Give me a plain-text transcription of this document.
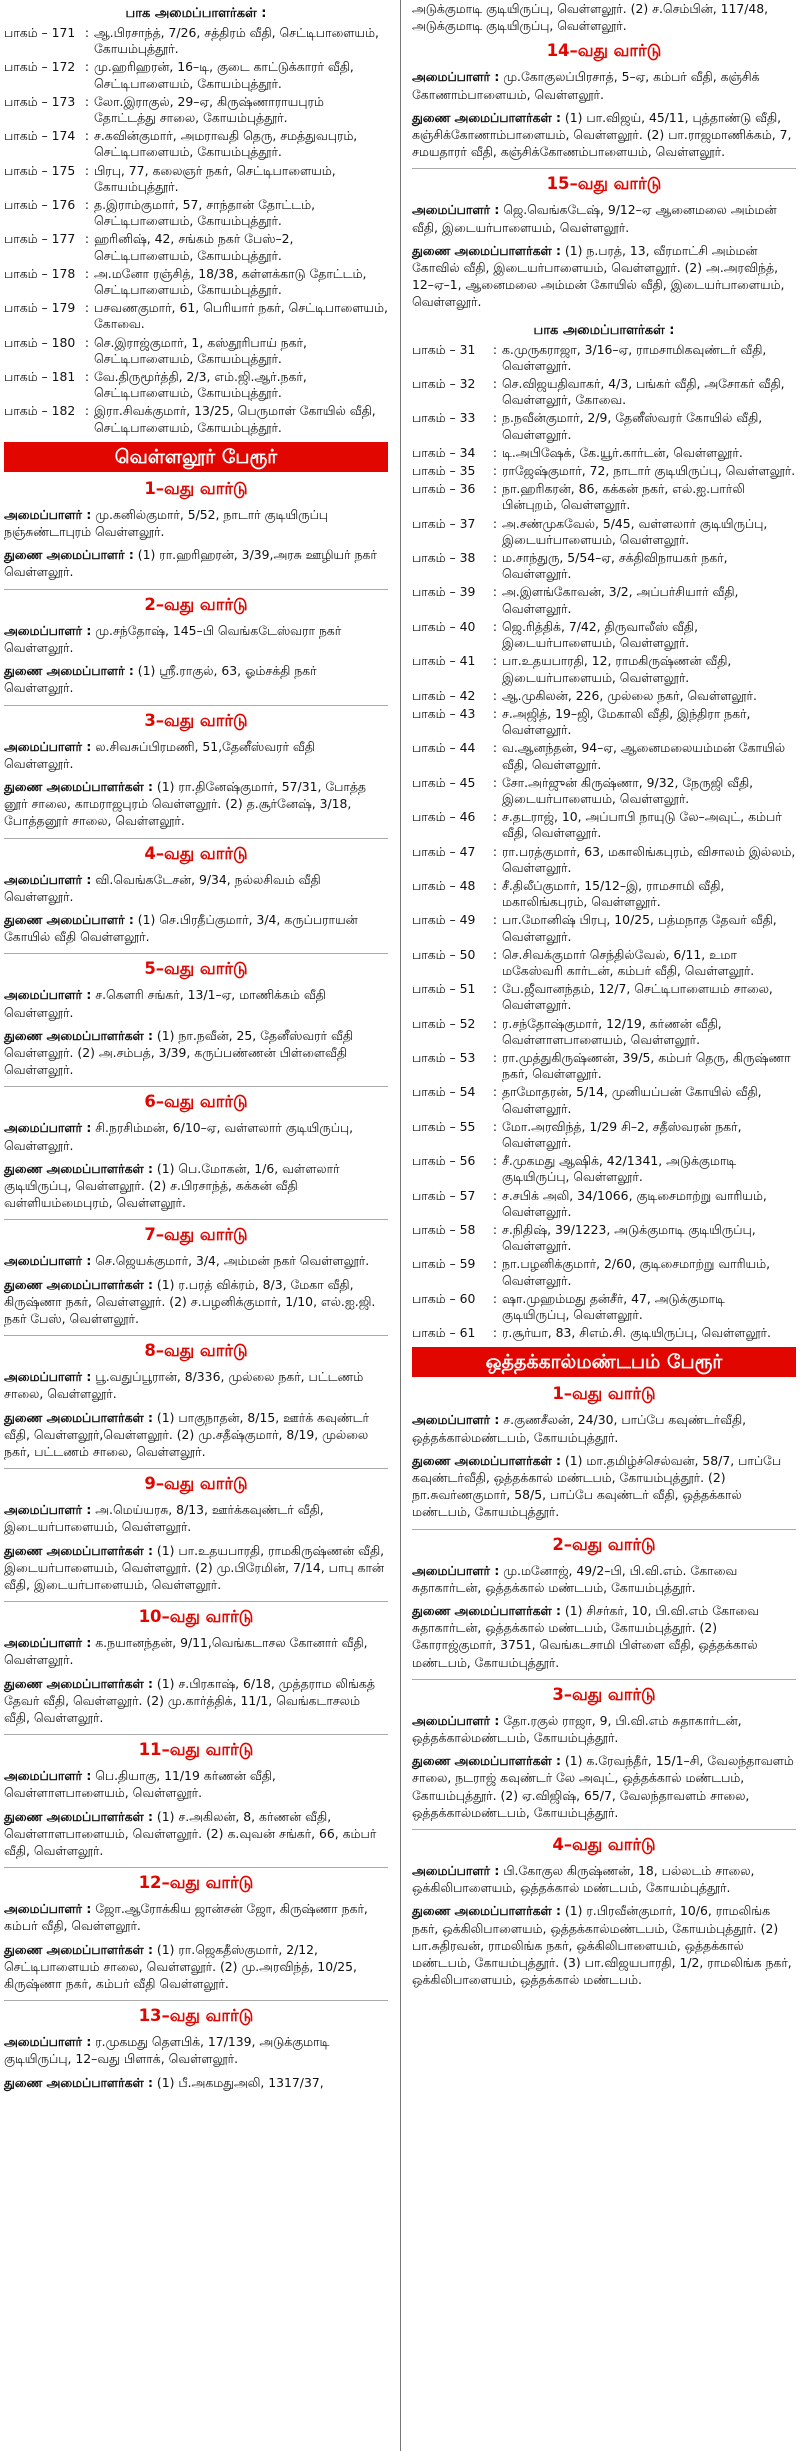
பாக அமைப்பாளர்கள் :
பாகம் – 171 : ஆ.பிரசாந்த், 7/26, சத்திரம் வீதி, செட்டிபாளையம், கோயம்புத்தூர்.
பாகம் – 172 : மு.ஹரிஹரன், 16–டி, குடை காட்டுக்காரர் வீதி, செட்டிபாளையம், கோயம்புத்தூர்.
பாகம் – 173 : லோ.இராகுல், 29–ஏ, கிருஷ்ணாராயபுரம் தோட்டத்து சாலை, கோயம்புத்தூர்.
பாகம் – 174 : ச.கவின்குமார், அமராவதி தெரு, சமத்துவபுரம், செட்டிபாளையம், கோயம்புத்தூர்.
பாகம் – 175 : பிரபு, 77, கலைஞர் நகர், செட்டிபாளையம், கோயம்புத்தூர்.
பாகம் – 176 : த.இராம்குமார், 57, சாந்தான் தோட்டம், செட்டிபாளையம், கோயம்புத்தூர்.
பாகம் – 177 : ஹரினிஷ், 42, சங்கம் நகர் பேஸ்–2, செட்டிபாளையம், கோயம்புத்தூர்.
பாகம் – 178 : அ.மனோ ரஞ்சித், 18/38, கள்ளக்காடு தோட்டம், செட்டிபாளையம், கோயம்புத்தூர்.
பாகம் – 179 : பசவணகுமார், 61, பெரியார் நகர், செட்டிபாளையம், கோவை.
பாகம் – 180 : செ.இராஜ்குமார், 1, கஸ்தூரிபாய் நகர், செட்டிபாளையம், கோயம்புத்தூர்.
பாகம் – 181 : வே.திருமூர்த்தி, 2/3, எம்.ஜி.ஆர்.நகர், செட்டிபாளையம், கோயம்புத்தூர்.
பாகம் – 182 : இரா.சிவக்குமார், 13/25, பெருமாள் கோயில் வீதி, செட்டிபாளையம், கோயம்புத்தூர்.
வெள்ளலூர் பேரூர்
1–வது வார்டு
அமைப்பாளர் : மு.கனில்குமார், 5/52, நாடார் குடியிருப்பு நஞ்சுண்டாபுரம் வெள்ளலூர்.
துணை அமைப்பாளர் : (1) ரா.ஹரிஹரன், 3/39,அரசு ஊழியர் நகர் வெள்ளலூர்.
2–வது வார்டு
அமைப்பாளர் : மு.சந்தோஷ், 145–பி வெங்கடேஸ்வரா நகர் வெள்ளலூர்.
துணை அமைப்பாளர் : (1) ஸ்ரீ.ராகுல், 63, ஓம்சக்தி நகர் வெள்ளலூர்.
3–வது வார்டு
அமைப்பாளர் : ல.சிவசுப்பிரமணி, 51,தேனீஸ்வரர் வீதி வெள்ளலூர்.
துணை அமைப்பாளர்கள் : (1) ரா.தினேஷ்குமார், 57/31, போத்த னூர் சாலை, காமராஜபுரம் வெள்ளலூர். (2) த.சூர்னேஷ், 3/18, போத்தனூர் சாலை, வெள்ளலூர்.
4–வது வார்டு
அமைப்பாளர் : வி.வெங்கடேசன், 9/34, நல்லசிவம் வீதி வெள்ளலூர்.
துணை அமைப்பாளர் : (1) செ.பிரதீப்குமார், 3/4, கருப்பராயன் கோயில் வீதி வெள்ளலூர்.
5–வது வார்டு
அமைப்பாளர் : ச.கௌரி சங்கர், 13/1–ஏ, மாணிக்கம் வீதி வெள்ளலூர்.
துணை அமைப்பாளர்கள் : (1) நா.நவீன், 25, தேனீஸ்வரர் வீதி வெள்ளலூர். (2) அ.சம்பத், 3/39, கருப்பண்ணன் பிள்ளைவீதி வெள்ளலூர்.
6–வது வார்டு
அமைப்பாளர் : சி.நரசிம்மன், 6/10–ஏ, வள்ளலார் குடியிருப்பு, வெள்ளலூர்.
துணை அமைப்பாளர்கள் : (1) பெ.மோகன், 1/6, வள்ளலார் குடியிருப்பு, வெள்ளலூர். (2) ச.பிரசாந்த், கக்கன் வீதி வள்ளியம்மைபுரம், வெள்ளலூர்.
7–வது வார்டு
அமைப்பாளர் : செ.ஜெயக்குமார், 3/4, அம்மன் நகர் வெள்ளலூர்.
துணை அமைப்பாளர்கள் : (1) ர.பரத் விக்ரம், 8/3, மேகா வீதி, கிருஷ்ணா நகர், வெள்ளலூர். (2) ச.பழனிக்குமார், 1/10, எல்.ஐ.ஜி. நகர் பேஸ், வெள்ளலூர்.
8–வது வார்டு
அமைப்பாளர் : பூ.வதுப்பூரான், 8/336, முல்லை நகர், பட்டணம் சாலை, வெள்ளலூர்.
துணை அமைப்பாளர்கள் : (1) பாகுநாதன், 8/15, ஊர்க் கவுண்டர் வீதி, வெள்ளலூர்,வெள்ளலூர். (2) மு.சதீஷ்குமார், 8/19, முல்லை நகர், பட்டணம் சாலை, வெள்ளலூர்.
9–வது வார்டு
அமைப்பாளர் : அ.மெய்யரசு, 8/13, ஊர்க்கவுண்டர் வீதி, இடையர்பாளையம், வெள்ளலூர்.
துணை அமைப்பாளர்கள் : (1) பா.உதயபாரதி, ராமகிருஷ்ணன் வீதி, இடையர்பாளையம், வெள்ளலூர். (2) மு.பிரேமின், 7/14, பாபு கான் வீதி, இடையர்பாளையம், வெள்ளலூர்.
10–வது வார்டு
அமைப்பாளர் : க.நயானந்தன், 9/11,வெங்கடாசல கோனார் வீதி, வெள்ளலூர்.
துணை அமைப்பாளர்கள் : (1) ச.பிரகாஷ், 6/18, முத்தராம லிங்கத் தேவர் வீதி, வெள்ளலூர். (2) மு.கார்த்திக், 11/1, வெங்கடாசலம் வீதி, வெள்ளலூர்.
11–வது வார்டு
அமைப்பாளர் : பெ.தியாகு, 11/19 கர்ணன் வீதி, வெள்ளாளபாளையம், வெள்ளலூர்.
துணை அமைப்பாளர்கள் : (1) ச.அகிலன், 8, கர்ணன் வீதி, வெள்ளாளபாளையம், வெள்ளலூர். (2) க.வுவன் சங்கர், 66, கம்பர் வீதி, வெள்ளலூர்.
12–வது வார்டு
அமைப்பாளர் : ஜோ.ஆரோக்கிய ஜான்சன் ஜோ, கிருஷ்ணா நகர், கம்பர் வீதி, வெள்ளலூர்.
துணை அமைப்பாளர்கள் : (1) ரா.ஜெகதீஸ்குமார், 2/12, செட்டிபாளையம் சாலை, வெள்ளலூர். (2) மு.அரவிந்த், 10/25, கிருஷ்ணா நகர், கம்பர் வீதி வெள்ளலூர்.
13–வது வார்டு
அமைப்பாளர் : ர.முகமது தௌபிக், 17/139, அடுக்குமாடி குடியிருப்பு, 12–வது பிளாக், வெள்ளலூர்.
துணை அமைப்பாளர்கள் : (1) பீ.அகமதுஅலி, 1317/37,
அடுக்குமாடி குடியிருப்பு, வெள்ளலூர். (2) ச.செம்பின், 117/48, அடுக்குமாடி குடியிருப்பு, வெள்ளலூர்.
14–வது வார்டு
அமைப்பாளர் : மு.கோகுலப்பிரசாத், 5–ஏ, கம்பர் வீதி, கஞ்சிக் கோணாம்பாளையம், வெள்ளலூர்.
துணை அமைப்பாளர்கள் : (1) பா.விஜய், 45/11, புத்தாண்டு வீதி, கஞ்சிக்கோணாம்பாளையம், வெள்ளலூர். (2) பா.ராஜமாணிக்கம், 7, சமயதாரர் வீதி, கஞ்சிக்கோணம்பாளையம், வெள்ளலூர்.
15–வது வார்டு
அமைப்பாளர் : ஜெ.வெங்கடேஷ், 9/12–ஏ ஆனைமலை அம்மன் வீதி, இடையர்பாளையம், வெள்ளலூர்.
துணை அமைப்பாளர்கள் : (1) ந.பரத், 13, வீரமாட்சி அம்மன் கோவில் வீதி, இடையர்பாளையம், வெள்ளலூர். (2) அ.அரவிந்த், 12–ஏ–1, ஆனைமலை அம்மன் கோயில் வீதி, இடையர்பாளையம், வெள்ளலூர்.
பாக அமைப்பாளர்கள் :
பாகம் – 31	: க.முருகராஜா, 3/16–ஏ, ராமசாமிகவுண்டர் வீதி, வெள்ளலூர்.
பாகம் – 32	: செ.விஜயதிவாகர், 4/3, பங்கர் வீதி, அசோகர் வீதி, வெள்ளலூர், கோவை.
பாகம் – 33	: ந.நவீன்குமார், 2/9, தேனீஸ்வரர் கோயில் வீதி, வெள்ளலூர்.
பாகம் – 34	: டி.அபிஷேக், கே.யூர்.கார்டன், வெள்ளலூர்.
பாகம் – 35	: ராஜேஷ்குமார், 72, நாடார் குடியிருப்பு, வெள்ளலூர்.
பாகம் – 36	: நா.ஹரிகரன், 86, கக்கன் நகர், எல்.ஐ.பார்லி பின்புறம், வெள்ளலூர்.
பாகம் – 37	: அ.சண்முகவேல், 5/45, வள்ளலார் குடியிருப்பு, இடையர்பாளையம், வெள்ளலூர்.
பாகம் – 38	: ம.சாந்துரு, 5/54–ஏ, சக்திவிநாயகர் நகர், வெள்ளலூர்.
பாகம் – 39	: அ.இளங்கோவன், 3/2, அப்பர்சியார் வீதி, வெள்ளலூர்.
பாகம் – 40	: ஜெ.ரித்திக், 7/42, திருவாலீஸ் வீதி, இடையர்பாளையம், வெள்ளலூர்.
பாகம் – 41	: பா.உதயபாரதி, 12, ராமகிருஷ்ணன் வீதி, இடையர்பாளையம், வெள்ளலூர்.
பாகம் – 42	: ஆ.முகிலன், 226, முல்லை நகர், வெள்ளலூர்.
பாகம் – 43	: ச.அஜித், 19–ஜி, மேகாலி வீதி, இந்திரா நகர், வெள்ளலூர்.
பாகம் – 44	: வ.ஆனந்தன், 94–ஏ, ஆனைமலையம்மன் கோயில் வீதி, வெள்ளலூர்.
பாகம் – 45	: சோ.அர்ஜுன் கிருஷ்ணா, 9/32, நேருஜி வீதி, இடையர்பாளையம், வெள்ளலூர்.
பாகம் – 46	: ச.தடராஜ், 10, அப்பாபி நாயுடு லே–அவுட், கம்பர் வீதி, வெள்ளலூர்.
பாகம் – 47	: ரா.பரத்குமார், 63, மகாலிங்கபுரம், விசாலம் இல்லம், வெள்ளலூர்.
பாகம் – 48	: சீ.திலீப்குமார், 15/12–இ, ராமசாமி வீதி, மகாலிங்கபுரம், வெள்ளலூர்.
பாகம் – 49	: பா.மோனிஷ் பிரபு, 10/25, பத்மநாத தேவர் வீதி, வெள்ளலூர்.
பாகம் – 50	: செ.சிவக்குமார் செந்தில்வேல், 6/11, உமா மகேஸ்வரி கார்டன், கம்பர் வீதி, வெள்ளலூர்.
பாகம் – 51	: பே.ஜீவானந்தம், 12/7, செட்டிபாளையம் சாலை, வெள்ளலூர்.
பாகம் – 52	: ர.சந்தோஷ்குமார், 12/19, கர்ணன் வீதி, வெள்ளாளபாளையம், வெள்ளலூர்.
பாகம் – 53	: ரா.முத்துகிருஷ்ணன், 39/5, கம்பர் தெரு, கிருஷ்ணா நகர், வெள்ளலூர்.
பாகம் – 54	: தாமோதரன், 5/14, முனியப்பன் கோயில் வீதி, வெள்ளலூர்.
பாகம் – 55	: மோ.அரவிந்த், 1/29 சி–2, சதீஸ்வரன் நகர், வெள்ளலூர்.
பாகம் – 56	: சீ.முகமது ஆஷிக், 42/1341, அடுக்குமாடி குடியிருப்பு, வெள்ளலூர்.
பாகம் – 57	: ச.சபிக் அலி, 34/1066, குடிசைமாற்று வாரியம், வெள்ளலூர்.
பாகம் – 58	: ச.நிதிஷ், 39/1223, அடுக்குமாடி குடியிருப்பு, வெள்ளலூர்.
பாகம் – 59	: நா.பழனிக்குமார், 2/60, குடிசைமாற்று வாரியம், வெள்ளலூர்.
பாகம் – 60	: ஷா.முஹம்மது தன்சீர், 47, அடுக்குமாடி குடியிருப்பு, வெள்ளலூர்.
பாகம் – 61	: ர.சூர்யா, 83, சிஎம்.சி. குடியிருப்பு, வெள்ளலூர்.
ஒத்தக்கால்மண்டபம் பேரூர்
1–வது வார்டு
அமைப்பாளர் : ச.குணசீலன், 24/30, பாப்பே கவுண்டர்வீதி, ஒத்தக்கால்மண்டபம், கோயம்புத்தூர்.
துணை அமைப்பாளர்கள் : (1) மா.தமிழ்ச்செல்வன், 58/7, பாப்பே கவுண்டர்வீதி, ஒத்தக்கால் மண்டபம், கோயம்புத்தூர். (2) நா.சுவர்ணகுமார், 58/5, பாப்பே கவுண்டர் வீதி, ஒத்தக்கால் மண்டபம், கோயம்புத்தூர்.
2–வது வார்டு
அமைப்பாளர் : மு.மனோஜ், 49/2–பி, பி.வி.எம். கோவை சுதாகார்டன், ஒத்தக்கால் மண்டபம், கோயம்புத்தூர்.
துணை அமைப்பாளர்கள் : (1) சிசர்கர், 10, பி.வி.எம் கோவை சுதாகார்டன், ஒத்தக்கால் மண்டபம், கோயம்புத்தூர். (2) கோராஜ்குமார், 3751, வெங்கடசாமி பிள்ளை வீதி, ஒத்தக்கால் மண்டபம், கோயம்புத்தூர்.
3–வது வார்டு
அமைப்பாளர் : தோ.ரகுல் ராஜா, 9, பி.வி.எம் சுதாகார்டன், ஒத்தக்கால்மண்டபம், கோயம்புத்தூர்.
துணை அமைப்பாளர்கள் : (1) க.ரேவந்தீர், 15/1–சி, வேலந்தாவளம் சாலை, நடராஜ் கவுண்டர் லே அவுட், ஒத்தக்கால் மண்டபம், கோயம்புத்தூர். (2) ஏ.விஜிஷ், 65/7, வேலந்தாவளம் சாலை, ஒத்தக்கால்மண்டபம், கோயம்புத்தூர்.
4–வது வார்டு
அமைப்பாளர் : பி.கோகுல கிருஷ்ணன், 18, பல்லடம் சாலை, ஒக்கிலிபாளையம், ஒத்தக்கால் மண்டபம், கோயம்புத்தூர்.
துணை அமைப்பாளர்கள் : (1) ர.பிரவீன்குமார், 10/6, ராமலிங்க நகர், ஒக்கிலிபாளையம், ஒத்தக்கால்மண்டபம், கோயம்புத்தூர். (2) பா.சுதிரவன், ராமலிங்க நகர், ஒக்கிலிபாளையம், ஒத்தக்கால் மண்டபம், கோயம்புத்தூர். (3) பா.விஜயபாரதி, 1/2, ராமலிங்க நகர், ஒக்கிலிபாளையம், ஒத்தக்கால் மண்டபம்.
